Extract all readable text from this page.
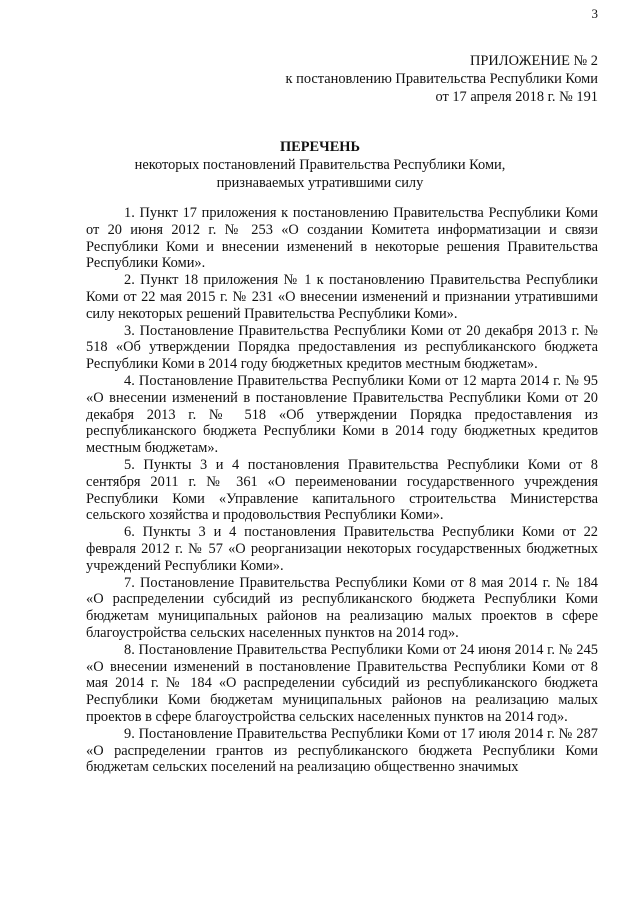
3
ПРИЛОЖЕНИЕ № 2
к постановлению Правительства Республики Коми
от 17 апреля 2018 г. № 191
ПЕРЕЧЕНЬ
некоторых постановлений Правительства Республики Коми,
признаваемых утратившими силу

1. Пункт 17 приложения к постановлению Правительства Республики Коми от 20 июня 2012 г. № 253 «О создании Комитета информатизации и связи Республики Коми и внесении изменений в некоторые решения Правительства Республики Коми».

2. Пункт 18 приложения № 1 к постановлению Правительства Республики Коми от 22 мая 2015 г. № 231 «О внесении изменений и признании утратившими силу некоторых решений Правительства Республики Коми».

3. Постановление Правительства Республики Коми от 20 декабря 2013 г. № 518 «Об утверждении Порядка предоставления из республиканского бюджета Республики Коми в 2014 году бюджетных кредитов местным бюджетам».

4. Постановление Правительства Республики Коми от 12 марта 2014 г. № 95 «О внесении изменений в постановление Правительства Республики Коми от 20 декабря 2013 г. № 518 «Об утверждении Порядка предоставления из республиканского бюджета Республики Коми в 2014 году бюджетных кредитов местным бюджетам».

5. Пункты 3 и 4 постановления Правительства Республики Коми от 8 сентября 2011 г. № 361 «О переименовании государственного учреждения Республики Коми «Управление капитального строительства Министерства сельского хозяйства и продовольствия Республики Коми».

6. Пункты 3 и 4 постановления Правительства Республики Коми от 22 февраля 2012 г. № 57 «О реорганизации некоторых государственных бюджетных учреждений Республики Коми».

7. Постановление Правительства Республики Коми от 8 мая 2014 г. № 184 «О распределении субсидий из республиканского бюджета Республики Коми бюджетам муниципальных районов на реализацию малых проектов в сфере благоустройства сельских населенных пунктов на 2014 год».

8. Постановление Правительства Республики Коми от 24 июня 2014 г. № 245 «О внесении изменений в постановление Правительства Республики Коми от 8 мая 2014 г. № 184 «О распределении субсидий из республиканского бюджета Республики Коми бюджетам муниципальных районов на реализацию малых проектов в сфере благоустройства сельских населенных пунктов на 2014 год».

9. Постановление Правительства Республики Коми от 17 июля 2014 г. № 287 «О распределении грантов из республиканского бюджета Республики Коми бюджетам сельских поселений на реализацию общественно значимых
